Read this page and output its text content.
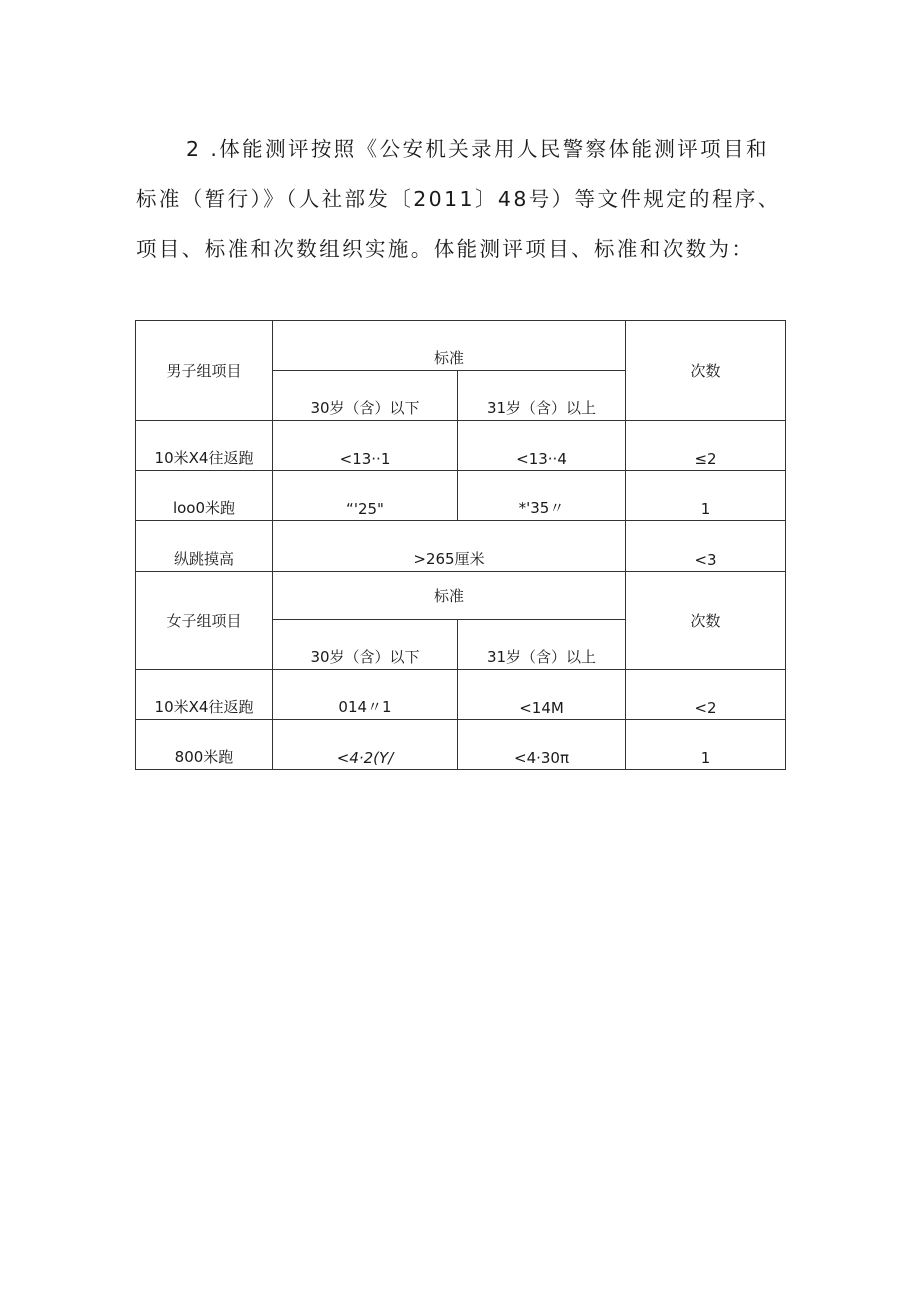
2 .体能测评按照《公安机关录用人民警察体能测评项目和标准（暂行）》（人社部发〔2011〕48号）等文件规定的程序、项目、标准和次数组织实施。体能测评项目、标准和次数为：

男子组项目	标准		次数
	30岁（含）以下	31岁（含）以上	
10米X4往返跑	<13··1	<13··4	≤2
loo0米跑	“'25"	*'35〃	1
纵跳摸高	>265厘米		<3
女子组项目	标准		次数
	30岁（含）以下	31岁（含）以上	
10米X4往返跑	014〃1	<14M	<2
800米跑	<4·2(Y/	<4·30π	1
